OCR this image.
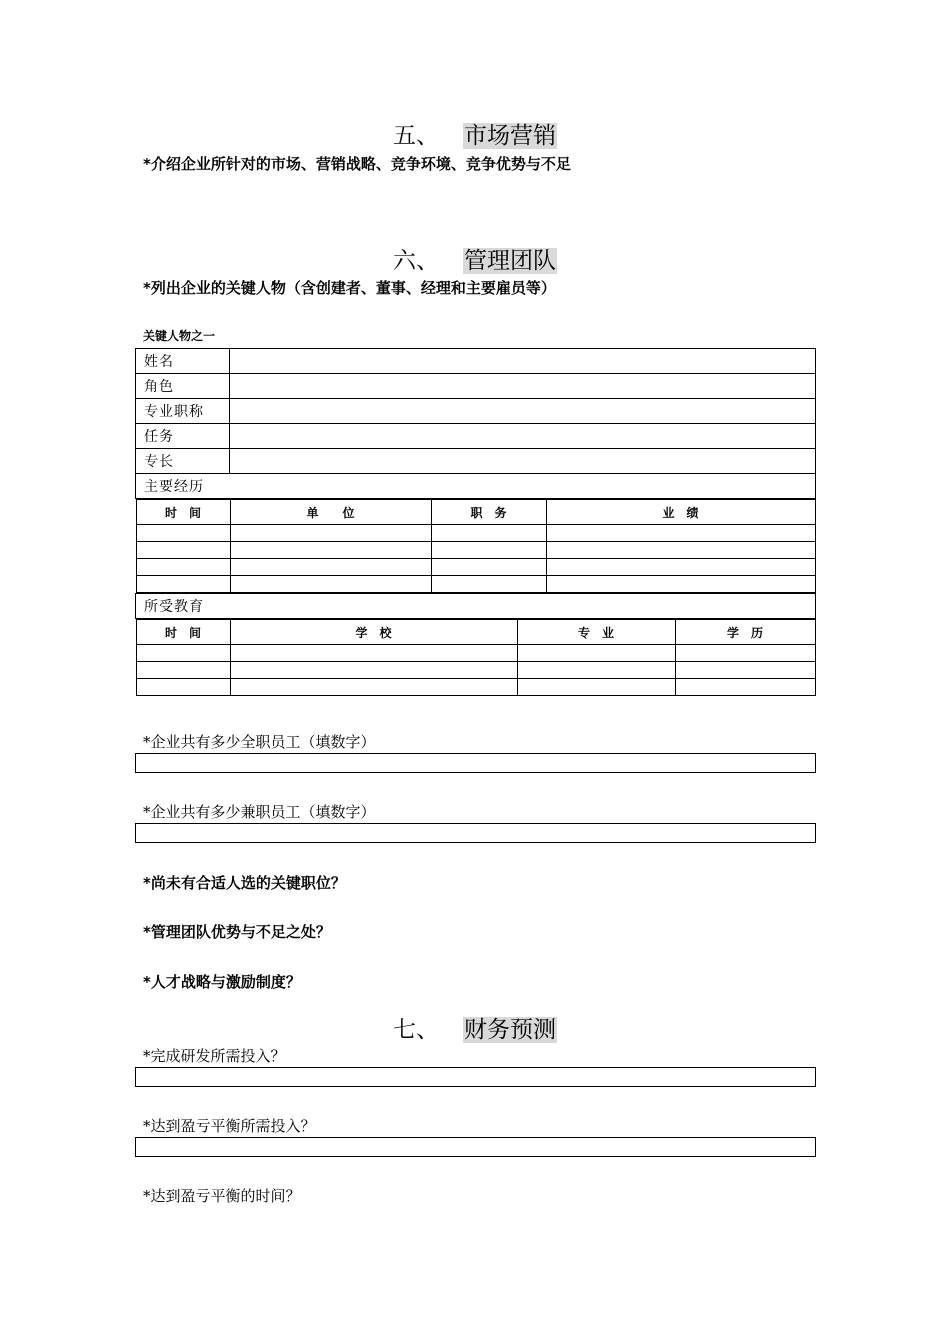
五、 市场营销
*介绍企业所针对的市场、营销战略、竞争环境、竞争优势与不足
六、 管理团队
*列出企业的关键人物（含创建者、董事、经理和主要雇员等）
关键人物之一
姓名	
角色	
专业职称	
任务	
专长	
主要经历

时　间	单　　位	职　务	业　绩

所受教育

时　间	学　校	专　业	学　历

*企业共有多少全职员工（填数字）
*企业共有多少兼职员工（填数字）
*尚未有合适人选的关键职位？
*管理团队优势与不足之处？
*人才战略与激励制度？
七、 财务预测
*完成研发所需投入？
*达到盈亏平衡所需投入？
*达到盈亏平衡的时间？
